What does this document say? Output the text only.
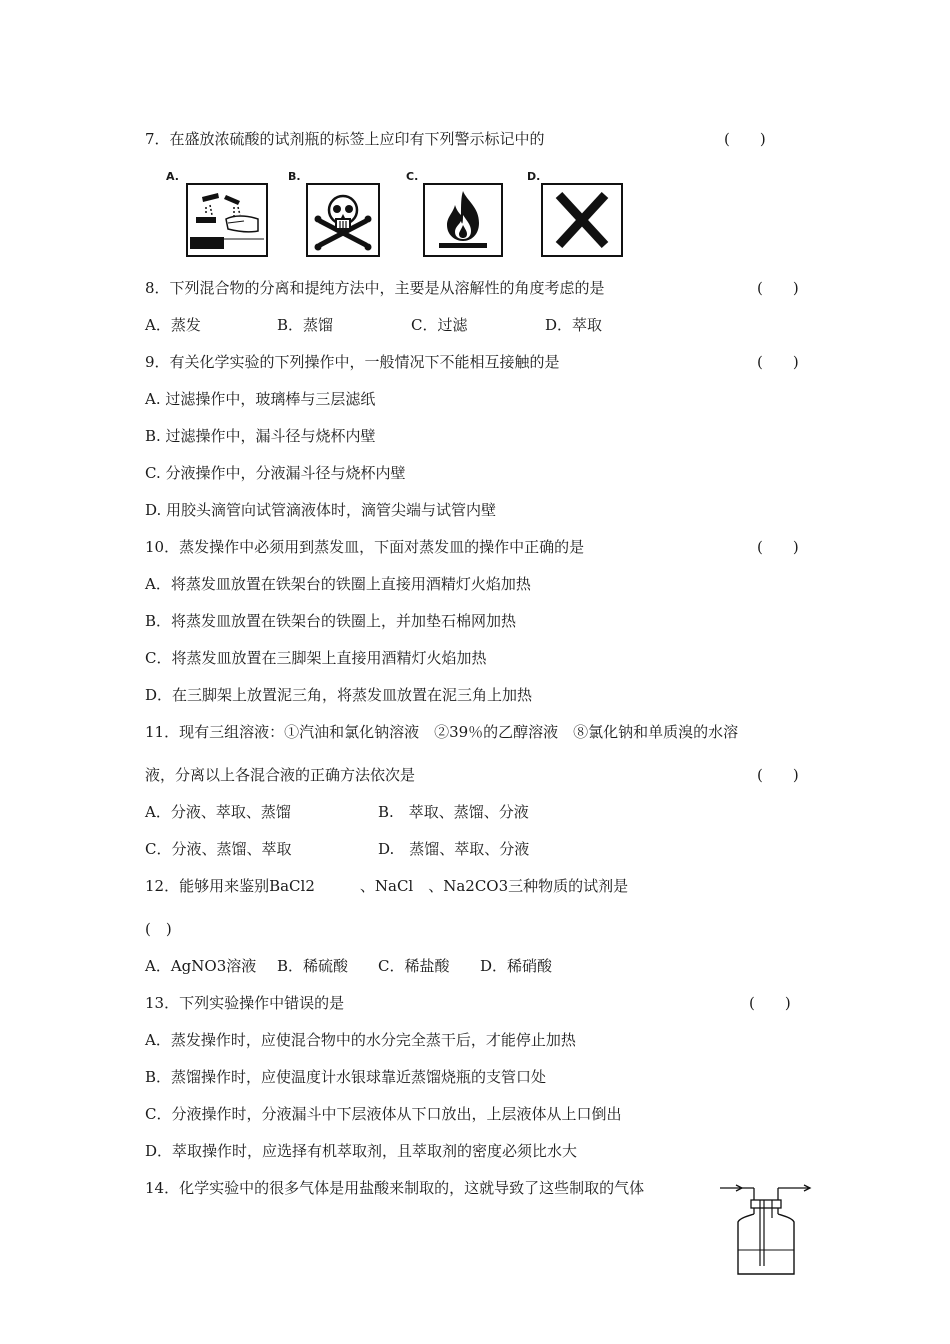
7．在盛放浓硫酸的试剂瓶的标签上应印有下列警示标记中的	(　　)
A.	B.	C.	D.
8．下列混合物的分离和提纯方法中，主要是从溶解性的角度考虑的是	(　　)
A．蒸发	B．蒸馏	C．过滤	D．萃取
9．有关化学实验的下列操作中，一般情况下不能相互接触的是	(　　)
A. 过滤操作中，玻璃棒与三层滤纸
B. 过滤操作中，漏斗径与烧杯内壁
C. 分液操作中，分液漏斗径与烧杯内壁
D. 用胶头滴管向试管滴液体时，滴管尖端与试管内壁
10．蒸发操作中必须用到蒸发皿，下面对蒸发皿的操作中正确的是	(　　)
A．将蒸发皿放置在铁架台的铁圈上直接用酒精灯火焰加热
B．将蒸发皿放置在铁架台的铁圈上，并加垫石棉网加热
C．将蒸发皿放置在三脚架上直接用酒精灯火焰加热
D．在三脚架上放置泥三角，将蒸发皿放置在泥三角上加热
11．现有三组溶液：①汽油和氯化钠溶液　②39％的乙醇溶液　⑧氯化钠和单质溴的水溶
液，分离以上各混合液的正确方法依次是	(　　)
A．分液、萃取、蒸馏	B.　萃取、蒸馏、分液
C．分液、蒸馏、萃取	D.　蒸馏、萃取、分液
12．能够用来鉴别BaCl2　　　、NaCl　、Na2CO3三种物质的试剂是
(　)
A．AgNO3溶液 B．稀硫酸 C．稀盐酸 D．稀硝酸
13．下列实验操作中错误的是	(　　)
A．蒸发操作时，应使混合物中的水分完全蒸干后，才能停止加热
B．蒸馏操作时，应使温度计水银球靠近蒸馏烧瓶的支管口处
C．分液操作时，分液漏斗中下层液体从下口放出，上层液体从上口倒出
D．萃取操作时，应选择有机萃取剂，且萃取剂的密度必须比水大
14．化学实验中的很多气体是用盐酸来制取的，这就导致了这些制取的气体
